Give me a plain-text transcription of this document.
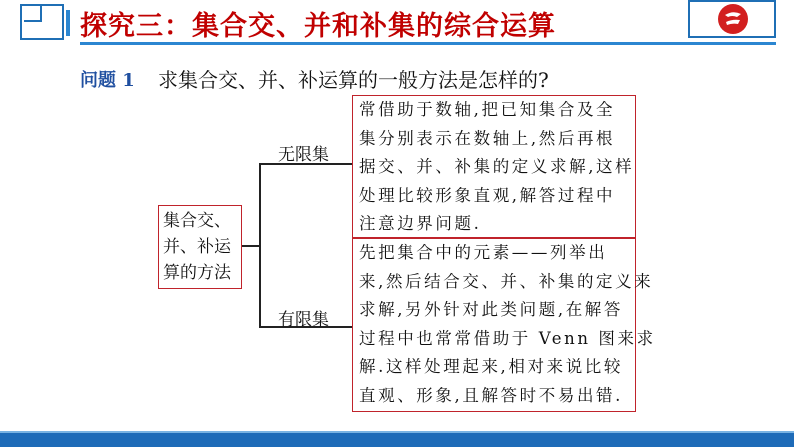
探究三：集合交、并和补集的综合运算
问题 1 求集合交、并、补运算的一般方法是怎样的?
集合交、
并、补运
算的方法
无限集
有限集
常借助于数轴,把已知集合及全
集分别表示在数轴上,然后再根
据交、并、补集的定义求解,这样
处理比较形象直观,解答过程中
注意边界问题.
先把集合中的元素——列举出
来,然后结合交、并、补集的定义来
求解,另外针对此类问题,在解答
过程中也常常借助于 Venn 图来求
解.这样处理起来,相对来说比较
直观、形象,且解答时不易出错.
